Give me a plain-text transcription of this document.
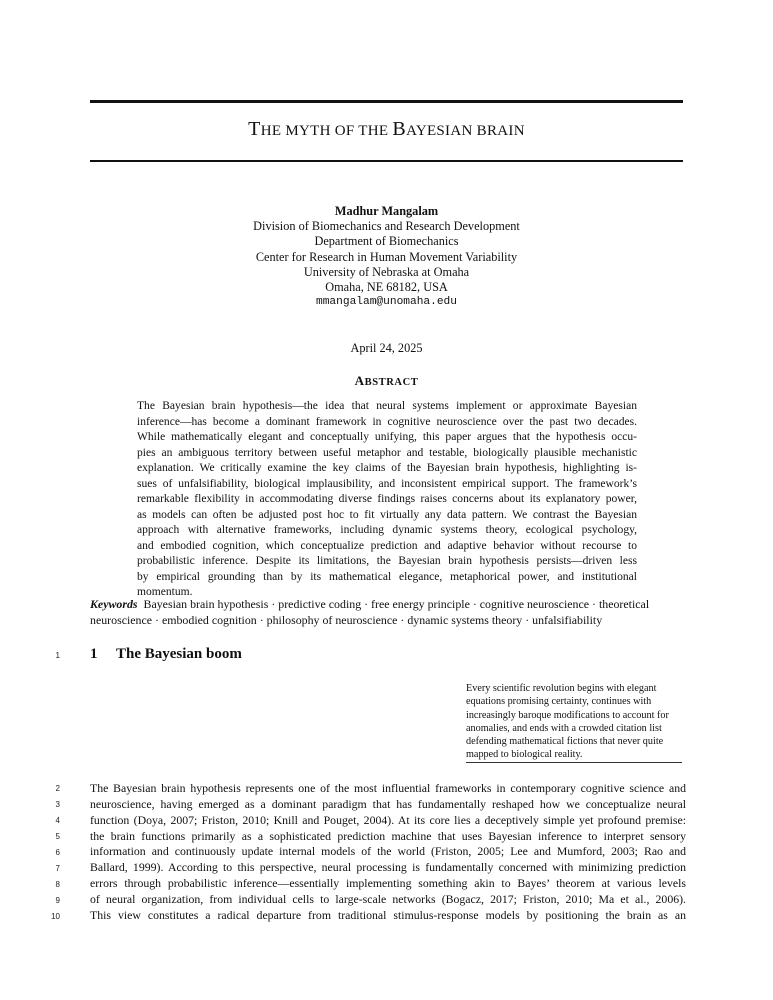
THE MYTH OF THE BAYESIAN BRAIN
Madhur Mangalam
Division of Biomechanics and Research Development
Department of Biomechanics
Center for Research in Human Movement Variability
University of Nebraska at Omaha
Omaha, NE 68182, USA
mmangalam@unomaha.edu
April 24, 2025
ABSTRACT
The Bayesian brain hypothesis—the idea that neural systems implement or approximate Bayesian
inference—has become a dominant framework in cognitive neuroscience over the past two decades.
While mathematically elegant and conceptually unifying, this paper argues that the hypothesis occu-
pies an ambiguous territory between useful metaphor and testable, biologically plausible mechanistic
explanation. We critically examine the key claims of the Bayesian brain hypothesis, highlighting is-
sues of unfalsifiability, biological implausibility, and inconsistent empirical support. The framework’s
remarkable flexibility in accommodating diverse findings raises concerns about its explanatory power,
as models can often be adjusted post hoc to fit virtually any data pattern. We contrast the Bayesian
approach with alternative frameworks, including dynamic systems theory, ecological psychology,
and embodied cognition, which conceptualize prediction and adaptive behavior without recourse to
probabilistic inference. Despite its limitations, the Bayesian brain hypothesis persists—driven less
by empirical grounding than by its mathematical elegance, metaphorical power, and institutional
momentum.
Keywords Bayesian brain hypothesis · predictive coding · free energy principle · cognitive neuroscience · theoretical neuroscience · embodied cognition · philosophy of neuroscience · dynamic systems theory · unfalsifiability
1 1 The Bayesian boom
Every scientific revolution begins with elegant equations promising certainty, continues with increasingly baroque modifications to account for anomalies, and ends with a crowded citation list defending mathematical fictions that never quite mapped to biological reality.
2
3
4
5
6
7
8
9
10
The Bayesian brain hypothesis represents one of the most influential frameworks in contemporary cognitive science and
neuroscience, having emerged as a dominant paradigm that has fundamentally reshaped how we conceptualize neural
function (Doya, 2007; Friston, 2010; Knill and Pouget, 2004). At its core lies a deceptively simple yet profound premise:
the brain functions primarily as a sophisticated prediction machine that uses Bayesian inference to interpret sensory
information and continuously update internal models of the world (Friston, 2005; Lee and Mumford, 2003; Rao and
Ballard, 1999). According to this perspective, neural processing is fundamentally concerned with minimizing prediction
errors through probabilistic inference—essentially implementing something akin to Bayes’ theorem at various levels
of neural organization, from individual cells to large-scale networks (Bogacz, 2017; Friston, 2010; Ma et al., 2006).
This view constitutes a radical departure from traditional stimulus-response models by positioning the brain as an
